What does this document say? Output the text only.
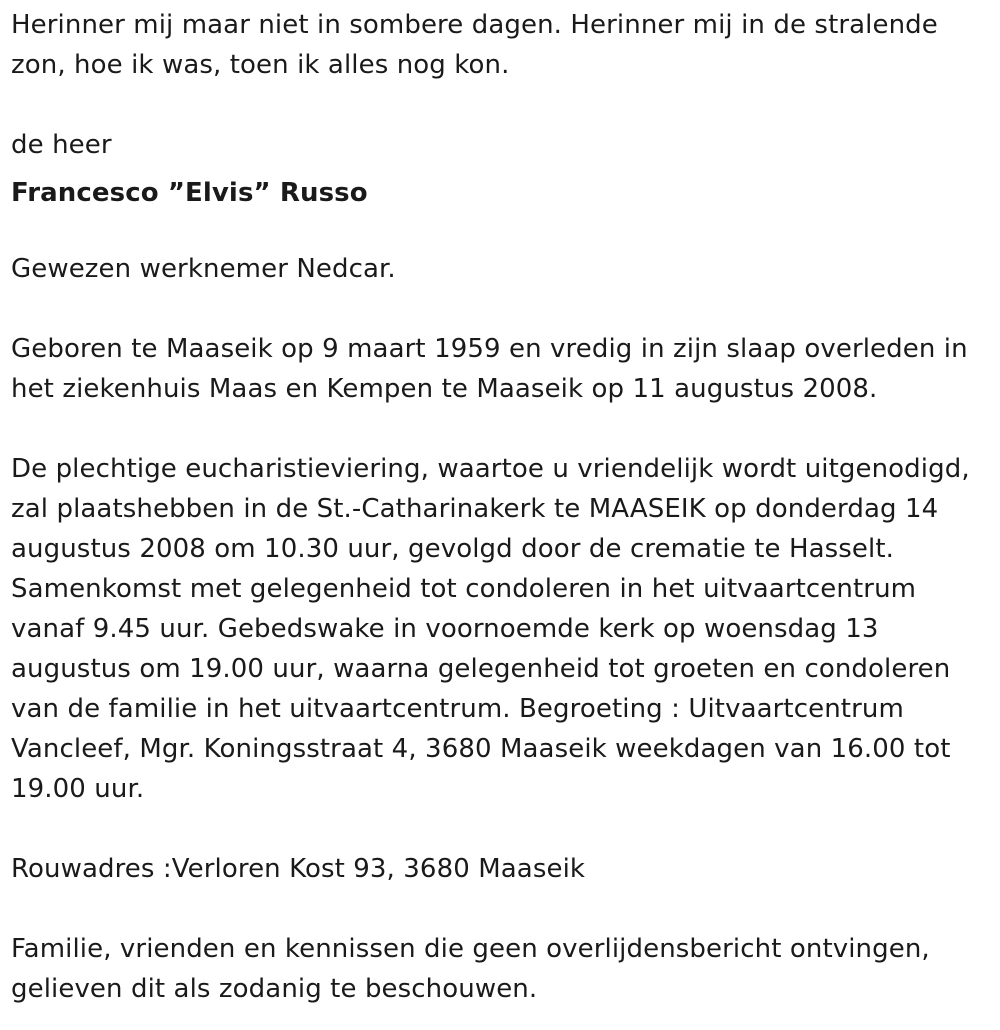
Herinner mij maar niet in sombere dagen. Herinner mij in de stralende
zon, hoe ik was, toen ik alles nog kon.

de heer

Francesco ”Elvis” Russo

Gewezen werknemer Nedcar.

Geboren te Maaseik op 9 maart 1959 en vredig in zijn slaap overleden in
het ziekenhuis Maas en Kempen te Maaseik op 11 augustus 2008.

De plechtige eucharistieviering, waartoe u vriendelijk wordt uitgenodigd,
zal plaatshebben in de St.-Catharinakerk te MAASEIK op donderdag 14
augustus 2008 om 10.30 uur, gevolgd door de crematie te Hasselt.
Samenkomst met gelegenheid tot condoleren in het uitvaartcentrum
vanaf 9.45 uur. Gebedswake in voornoemde kerk op woensdag 13
augustus om 19.00 uur, waarna gelegenheid tot groeten en condoleren
van de familie in het uitvaartcentrum. Begroeting : Uitvaartcentrum
Vancleef, Mgr. Koningsstraat 4, 3680 Maaseik weekdagen van 16.00 tot
19.00 uur.

Rouwadres :Verloren Kost 93, 3680 Maaseik

Familie, vrienden en kennissen die geen overlijdensbericht ontvingen,
gelieven dit als zodanig te beschouwen.
